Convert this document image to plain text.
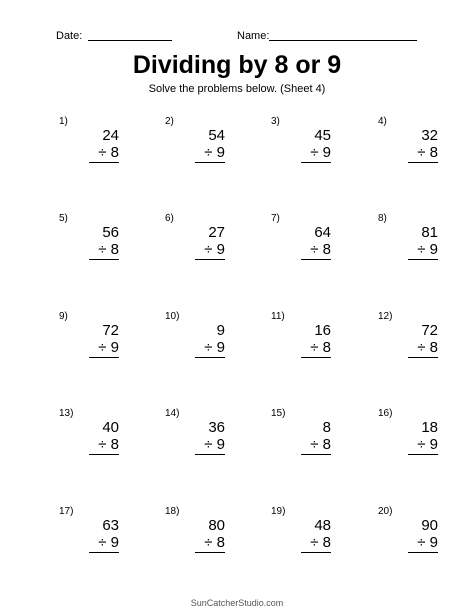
Date:	Name:
Dividing by 8 or 9
Solve the problems below. (Sheet 4)
1)
24
÷ 8
2)
54
÷ 9
3)
45
÷ 9
4)
32
÷ 8
5)
56
÷ 8
6)
27
÷ 9
7)
64
÷ 8
8)
81
÷ 9
9)
72
÷ 9
10)
9
÷ 9
11)
16
÷ 8
12)
72
÷ 8
13)
40
÷ 8
14)
36
÷ 9
15)
8
÷ 8
16)
18
÷ 9
17)
63
÷ 9
18)
80
÷ 8
19)
48
÷ 8
20)
90
÷ 9
SunCatcherStudio.com
